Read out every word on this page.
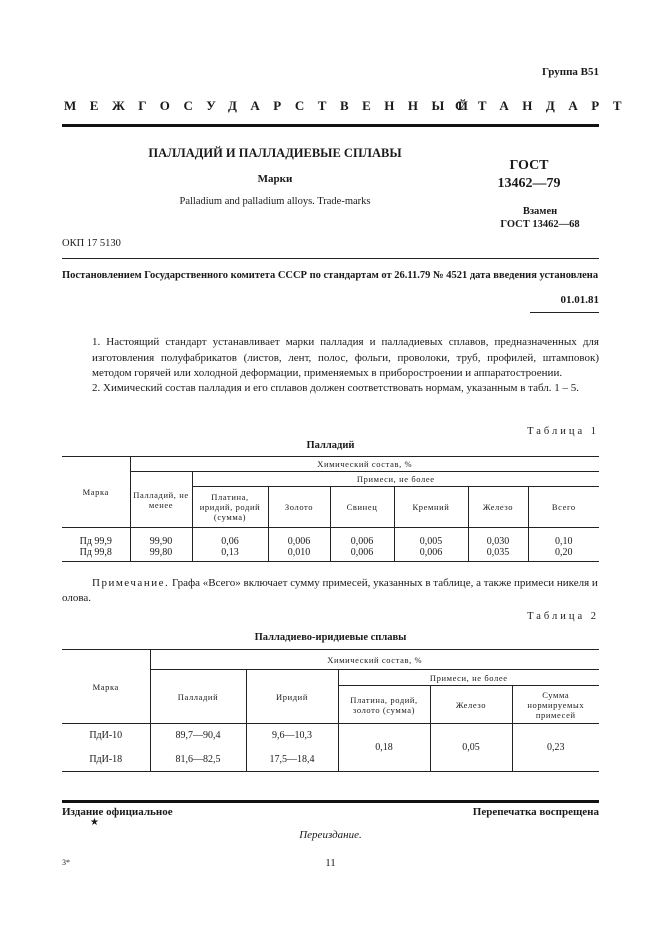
Группа В51
МЕЖГОСУДАРСТВЕННЫЙ
СТАНДАРТ
ПАЛЛАДИЙ И ПАЛЛАДИЕВЫЕ СПЛАВЫ
Марки
Palladium and palladium alloys. Trade-marks
ГОСТ
13462—79
Взамен
ГОСТ 13462—68
ОКП 17 5130
Постановлением Государственного комитета СССР по стандартам от 26.11.79 № 4521 дата введения установлена
01.01.81
1. Настоящий стандарт устанавливает марки палладия и палладиевых сплавов, предназначенных для изготовления полуфабрикатов (листов, лент, полос, фольги, проволоки, труб, профилей, штамповок) методом горячей или холодной деформации, применяемых в приборостроении и аппаратостроении.
2. Химический состав палладия и его сплавов должен соответствовать нормам, указанным в табл. 1 – 5.
Таблица 1
Палладий
Марка	Химический состав, %						
	Палладий, не менее	Примеси, не более					
		Платина, иридий, родий (сумма)	Золото	Свинец	Кремний	Железо	Всего
Пд 99,9	99,90	0,06	0,006	0,006	0,005	0,030	0,10
Пд 99,8	99,80	0,13	0,010	0,006	0,006	0,035	0,20
Примечание. Графа «Всего» включает сумму примесей, указанных в таблице, а также примеси никеля и олова.
Таблица 2
Палладиево-иридиевые сплавы
Марка	Химический состав, %				
	Палладий	Иридий	Примеси, не более		
			Платина, родий, золото (сумма)	Железо	Сумма нормируемых примесей
ПдИ-10	89,7—90,4	9,6—10,3	0,18	0,05	0,23
ПдИ-18	81,6—82,5	17,5—18,4			
Издание официальное	Перепечатка воспрещена
★
Переиздание.
3*	11
